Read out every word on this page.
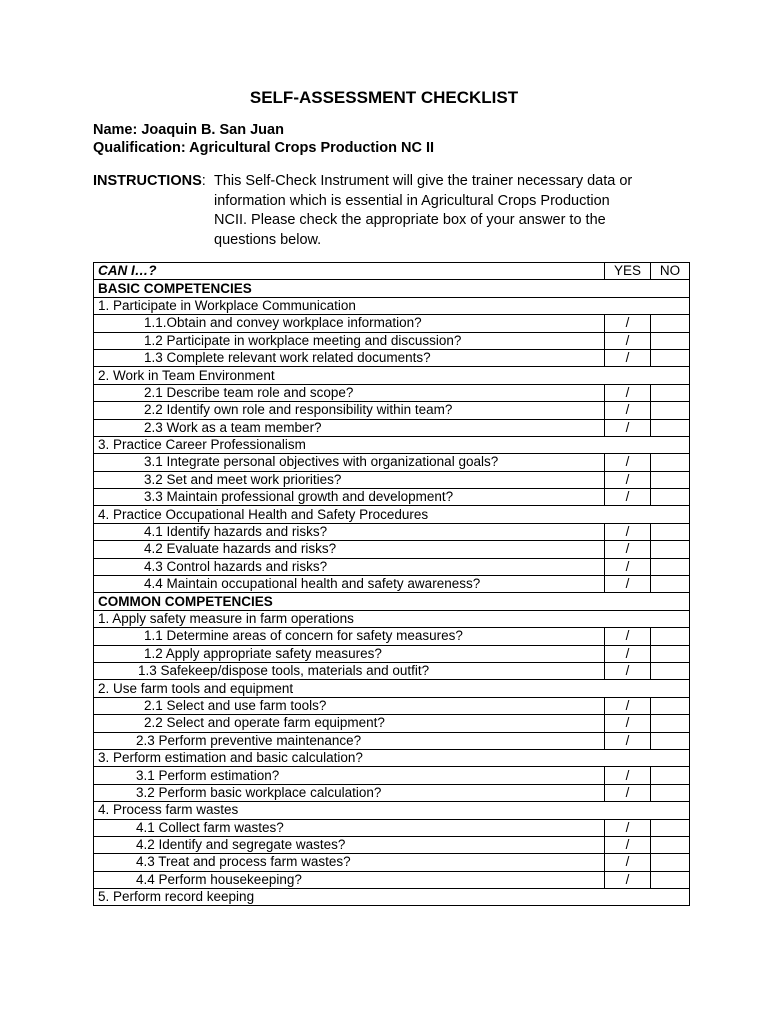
SELF-ASSESSMENT CHECKLIST
Name: Joaquin B. San Juan
Qualification: Agricultural Crops Production NC II
INSTRUCTIONS: This Self-Check Instrument will give the trainer necessary data or
information which is essential in Agricultural Crops Production
NCII. Please check the appropriate box of your answer to the
questions below.
CAN I…?	YES	NO
BASIC COMPETENCIES		
1. Participate in Workplace Communication		
1.1.Obtain and convey workplace information?	/	
1.2 Participate in workplace meeting and discussion?	/	
1.3 Complete relevant work related documents?	/	
2. Work in Team Environment		
2.1 Describe team role and scope?	/	
2.2 Identify own role and responsibility within team?	/	
2.3 Work as a team member?	/	
3. Practice Career Professionalism		
3.1 Integrate personal objectives with organizational goals?	/	
3.2 Set and meet work priorities?	/	
3.3 Maintain professional growth and development?	/	
4. Practice Occupational Health and Safety Procedures		
4.1 Identify hazards and risks?	/	
4.2 Evaluate hazards and risks?	/	
4.3 Control hazards and risks?	/	
4.4 Maintain occupational health and safety awareness?	/	
COMMON COMPETENCIES		
1. Apply safety measure in farm operations		
1.1 Determine areas of concern for safety measures?	/	
1.2 Apply appropriate safety measures?	/	
1.3 Safekeep/dispose tools, materials and outfit?	/	
2. Use farm tools and equipment		
2.1 Select and use farm tools?	/	
2.2 Select and operate farm equipment?	/	
2.3 Perform preventive maintenance?	/	
3. Perform estimation and basic calculation?		
3.1 Perform estimation?	/	
3.2 Perform basic workplace calculation?	/	
4. Process farm wastes		
4.1 Collect farm wastes?	/	
4.2 Identify and segregate wastes?	/	
4.3 Treat and process farm wastes?	/	
4.4 Perform housekeeping?	/	
5. Perform record keeping		
